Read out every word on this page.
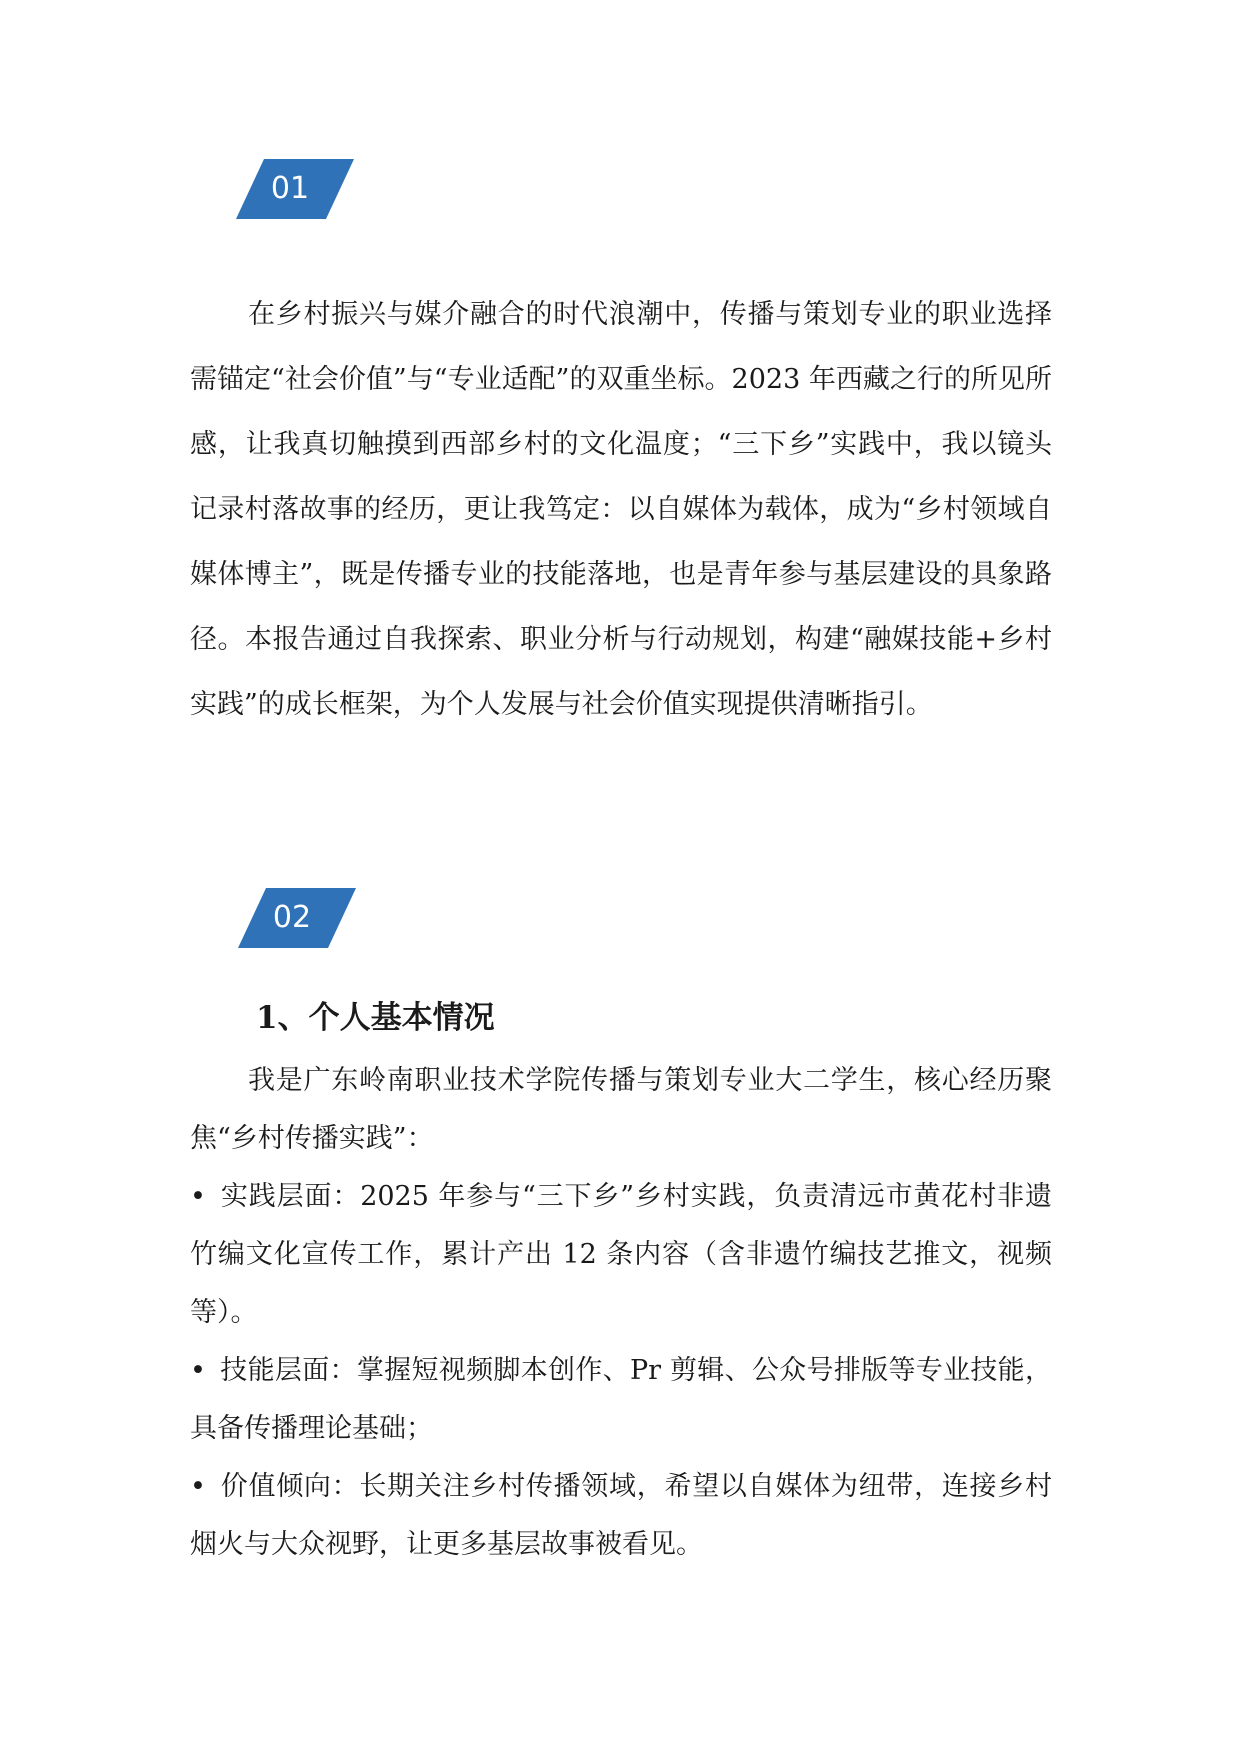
01

在乡村振兴与媒介融合的时代浪潮中，传播与策划专业的职业选择需锚定“社会价值”与“专业适配”的双重坐标。2023 年西藏之行的所见所感，让我真切触摸到西部乡村的文化温度；“三下乡”实践中，我以镜头记录村落故事的经历，更让我笃定：以自媒体为载体，成为“乡村领域自媒体博主”，既是传播专业的技能落地，也是青年参与基层建设的具象路径。本报告通过自我探索、职业分析与行动规划，构建“融媒技能+乡村实践”的成长框架，为个人发展与社会价值实现提供清晰指引。

02
1、个人基本情况

我是广东岭南职业技术学院传播与策划专业大二学生，核心经历聚焦“乡村传播实践”：

• 实践层面：2025 年参与“三下乡”乡村实践，负责清远市黄花村非遗竹编文化宣传工作，累计产出 12 条内容（含非遗竹编技艺推文，视频等）。

• 技能层面：掌握短视频脚本创作、Pr 剪辑、公众号排版等专业技能，具备传播理论基础；

• 价值倾向：长期关注乡村传播领域，希望以自媒体为纽带，连接乡村烟火与大众视野，让更多基层故事被看见。
